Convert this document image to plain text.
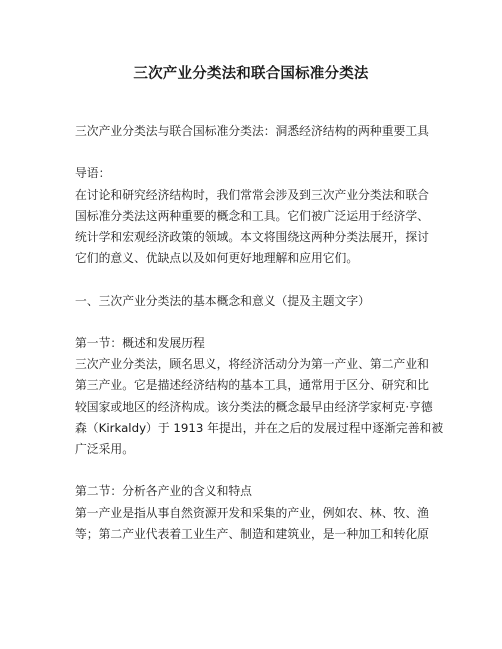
三次产业分类法和联合国标准分类法

三次产业分类法与联合国标准分类法：洞悉经济结构的两种重要工具

导语：

在讨论和研究经济结构时，我们常常会涉及到三次产业分类法和联合

国标准分类法这两种重要的概念和工具。它们被广泛运用于经济学、

统计学和宏观经济政策的领域。本文将围绕这两种分类法展开，探讨

它们的意义、优缺点以及如何更好地理解和应用它们。

一、三次产业分类法的基本概念和意义（提及主题文字）

第一节：概述和发展历程

三次产业分类法，顾名思义，将经济活动分为第一产业、第二产业和

第三产业。它是描述经济结构的基本工具，通常用于区分、研究和比

较国家或地区的经济构成。该分类法的概念最早由经济学家柯克·亨德

森（Kirkaldy）于 1913 年提出，并在之后的发展过程中逐渐完善和被

广泛采用。

第二节：分析各产业的含义和特点

第一产业是指从事自然资源开发和采集的产业，例如农、林、牧、渔

等；第二产业代表着工业生产、制造和建筑业，是一种加工和转化原
